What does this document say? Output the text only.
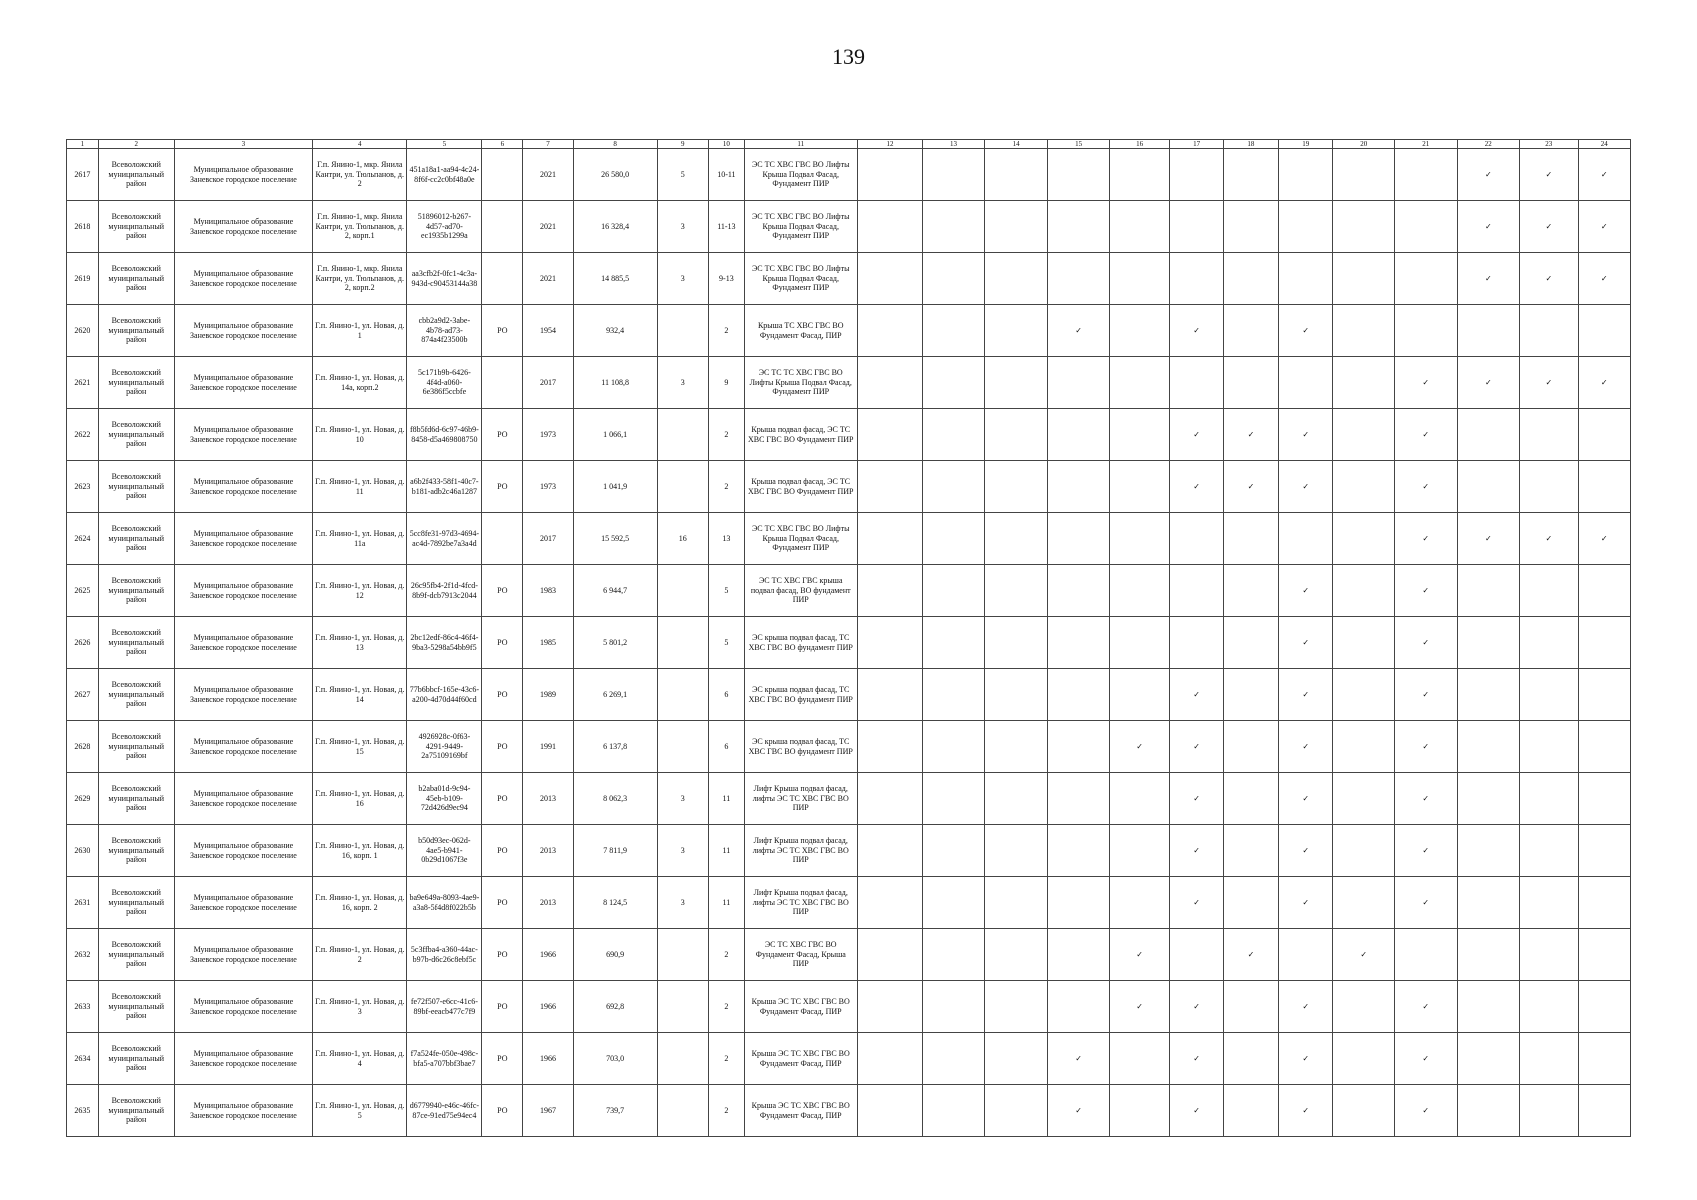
139
1	2	3	4	5	6	7	8	9	10	11	12	13	14	15	16	17	18	19	20	21	22	23	24
2617	Всеволожский муниципальный район	Муниципальное образование Заневское городское поселение	Г.п. Янино-1, мкр. Янила Кантри, ул. Тюльпанов, д. 2	451a18a1-aa94-4c24-8f6f-cc2c0bf48a0e		2021	26 580,0	5	10-11	ЭС ТС ХВС ГВС ВО Лифты Крыша Подвал Фасад, Фундамент ПИР											✓	✓	✓
2618	Всеволожский муниципальный район	Муниципальное образование Заневское городское поселение	Г.п. Янино-1, мкр. Янила Кантри, ул. Тюльпанов, д. 2, корп.1	51896012-b267-4d57-ad70-ec1935b1299a		2021	16 328,4	3	11-13	ЭС ТС ХВС ГВС ВО Лифты Крыша Подвал Фасад, Фундамент ПИР											✓	✓	✓
2619	Всеволожский муниципальный район	Муниципальное образование Заневское городское поселение	Г.п. Янино-1, мкр. Янила Кантри, ул. Тюльпанов, д. 2, корп.2	aa3cfb2f-0fc1-4c3a-943d-c90453144a38		2021	14 885,5	3	9-13	ЭС ТС ХВС ГВС ВО Лифты Крыша Подвал Фасад, Фундамент ПИР											✓	✓	✓
2620	Всеволожский муниципальный район	Муниципальное образование Заневское городское поселение	Г.п. Янино-1, ул. Новая, д. 1	cbb2a9d2-3abe-4b78-ad73-874a4f23500b	РО	1954	932,4		2	Крыша ТС ХВС ГВС ВО Фундамент Фасад, ПИР				✓		✓		✓					
2621	Всеволожский муниципальный район	Муниципальное образование Заневское городское поселение	Г.п. Янино-1, ул. Новая, д. 14а, корп.2	5c171b9b-6426-4f4d-a060-6e386f5ccbfe		2017	11 108,8	3	9	ЭС ТС ТС ХВС ГВС ВО Лифты Крыша Подвал Фасад, Фундамент ПИР										✓	✓	✓	✓
2622	Всеволожский муниципальный район	Муниципальное образование Заневское городское поселение	Г.п. Янино-1, ул. Новая, д. 10	f8b5fd6d-6c97-46b9-8458-d5a469808750	РО	1973	1 066,1		2	Крыша подвал фасад, ЭС ТС ХВС ГВС ВО Фундамент ПИР						✓	✓	✓		✓			
2623	Всеволожский муниципальный район	Муниципальное образование Заневское городское поселение	Г.п. Янино-1, ул. Новая, д. 11	a6b2f433-58f1-40c7-b181-adb2c46a1287	РО	1973	1 041,9		2	Крыша подвал фасад, ЭС ТС ХВС ГВС ВО Фундамент ПИР						✓	✓	✓		✓			
2624	Всеволожский муниципальный район	Муниципальное образование Заневское городское поселение	Г.п. Янино-1, ул. Новая, д. 11а	5cc8fe31-97d3-4694-ac4d-7892be7a3a4d		2017	15 592,5	16	13	ЭС ТС ХВС ГВС ВО Лифты Крыша Подвал Фасад, Фундамент ПИР										✓	✓	✓	✓
2625	Всеволожский муниципальный район	Муниципальное образование Заневское городское поселение	Г.п. Янино-1, ул. Новая, д. 12	26c95fb4-2f1d-4fcd-8b9f-dcb7913c2044	РО	1983	6 944,7		5	ЭС ТС ХВС ГВС крыша подвал фасад, ВО фундамент ПИР								✓		✓			
2626	Всеволожский муниципальный район	Муниципальное образование Заневское городское поселение	Г.п. Янино-1, ул. Новая, д. 13	2bc12edf-86c4-46f4-9ba3-5298a54bb9f5	РО	1985	5 801,2		5	ЭС крыша подвал фасад, ТС ХВС ГВС ВО фундамент ПИР								✓		✓			
2627	Всеволожский муниципальный район	Муниципальное образование Заневское городское поселение	Г.п. Янино-1, ул. Новая, д. 14	77b6bbcf-165e-43c6-a200-4d70d44f60cd	РО	1989	6 269,1		6	ЭС крыша подвал фасад, ТС ХВС ГВС ВО фундамент ПИР						✓		✓		✓			
2628	Всеволожский муниципальный район	Муниципальное образование Заневское городское поселение	Г.п. Янино-1, ул. Новая, д. 15	4926928c-0f63-4291-9449-2a75109169bf	РО	1991	6 137,8		6	ЭС крыша подвал фасад, ТС ХВС ГВС ВО фундамент ПИР					✓	✓		✓		✓			
2629	Всеволожский муниципальный район	Муниципальное образование Заневское городское поселение	Г.п. Янино-1, ул. Новая, д. 16	b2aba01d-9c94-45eb-b109-72d426d9ec94	РО	2013	8 062,3	3	11	Лифт Крыша подвал фасад, лифты ЭС ТС ХВС ГВС ВО ПИР						✓		✓		✓			
2630	Всеволожский муниципальный район	Муниципальное образование Заневское городское поселение	Г.п. Янино-1, ул. Новая, д. 16, корп. 1	b50d93ec-062d-4ae5-b941-0b29d1067f3e	РО	2013	7 811,9	3	11	Лифт Крыша подвал фасад, лифты ЭС ТС ХВС ГВС ВО ПИР						✓		✓		✓			
2631	Всеволожский муниципальный район	Муниципальное образование Заневское городское поселение	Г.п. Янино-1, ул. Новая, д. 16, корп. 2	ba9e649a-8093-4ae9-a3a8-5f4d8f022b5b	РО	2013	8 124,5	3	11	Лифт Крыша подвал фасад, лифты ЭС ТС ХВС ГВС ВО ПИР						✓		✓		✓			
2632	Всеволожский муниципальный район	Муниципальное образование Заневское городское поселение	Г.п. Янино-1, ул. Новая, д. 2	5c3ffba4-a360-44ac-b97b-d6c26c8ebf5c	РО	1966	690,9		2	ЭС ТС ХВС ГВС ВО Фундамент Фасад, Крыша ПИР					✓		✓		✓				
2633	Всеволожский муниципальный район	Муниципальное образование Заневское городское поселение	Г.п. Янино-1, ул. Новая, д. 3	fe72f507-e6cc-41c6-89bf-eeacb477c7f9	РО	1966	692,8		2	Крыша ЭС ТС ХВС ГВС ВО Фундамент Фасад, ПИР					✓	✓		✓		✓			
2634	Всеволожский муниципальный район	Муниципальное образование Заневское городское поселение	Г.п. Янино-1, ул. Новая, д. 4	f7a524fe-050e-498c-bfa5-a707bbf3bae7	РО	1966	703,0		2	Крыша ЭС ТС ХВС ГВС ВО Фундамент Фасад, ПИР				✓		✓		✓		✓			
2635	Всеволожский муниципальный район	Муниципальное образование Заневское городское поселение	Г.п. Янино-1, ул. Новая, д. 5	d6779940-e46c-46fc-87ce-91ed75e94ec4	РО	1967	739,7		2	Крыша ЭС ТС ХВС ГВС ВО Фундамент Фасад, ПИР				✓		✓		✓		✓			
